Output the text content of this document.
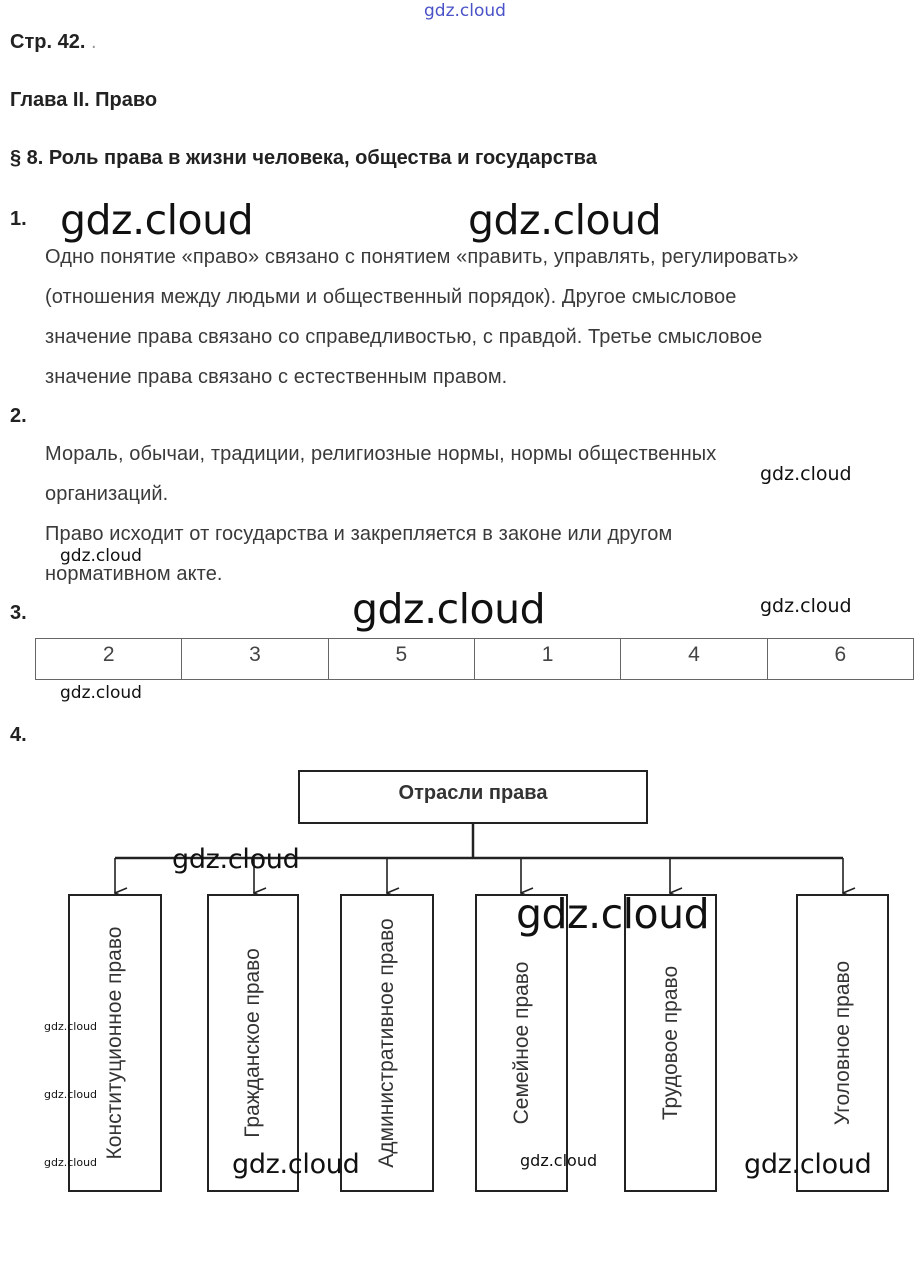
gdz.cloud
Стр. 42. .
Глава II. Право
§ 8. Роль права в жизни человека, общества и государства
1. gdz.cloud	gdz.cloud
Одно понятие «право» связано с понятием «править, управлять, регулировать»
(отношения между людьми и общественный порядок). Другое смысловое
значение права связано со справедливостью, с правдой. Третье смысловое
значение права связано с естественным правом.
2.
Мораль, обычаи, традиции, религиозные нормы, нормы общественных
организаций.
Право исходит от государства и закрепляется в законе или другом
нормативном акте.
gdz.cloud
gdz.cloud
3.	gdz.cloud	gdz.cloud
2	3	5	1	4	6
gdz.cloud
4.
Отрасли права
Конституционное право	Гражданское право	Административное право	Семейное право	Трудовое право	Уголовное право
gdz.cloud
gdz.cloud
gdz.cloud
gdz.cloud
gdz.cloud	gdz.cloud	gdz.cloud	gdz.cloud
